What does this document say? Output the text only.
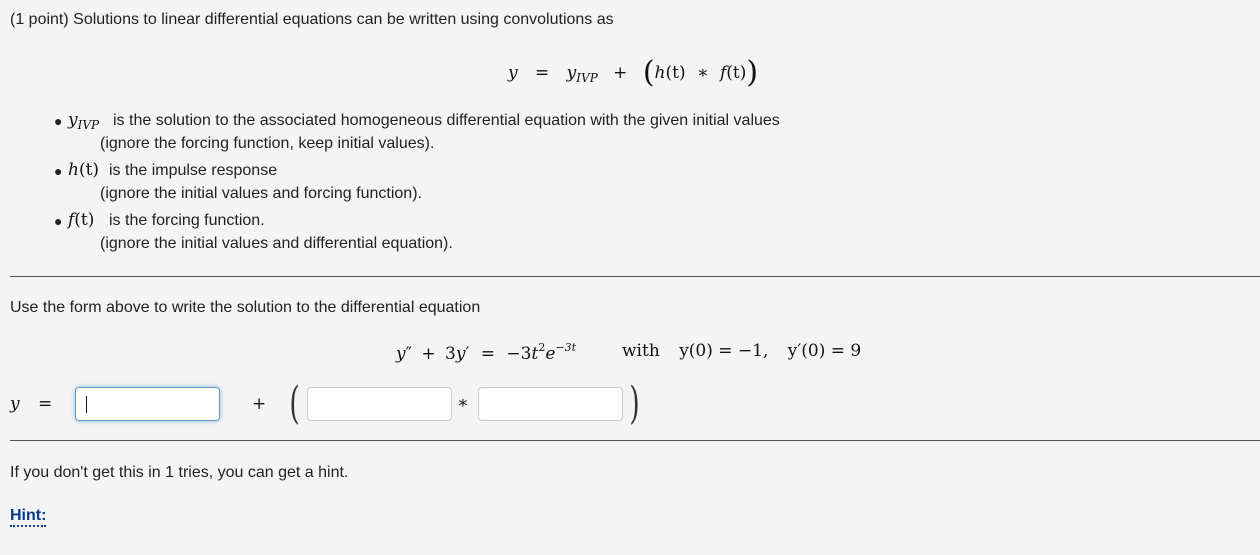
(1 point) Solutions to linear differential equations can be written using convolutions as
$y = y_{IVP} + (h(t)$ ∗ f(t))
● $y_{IVP}$ is the solution to the associated homogeneous differential equation with the given initial values
(ignore the forcing function, keep initial values).
● h(t) is the impulse response
(ignore the initial values and forcing function).
● f(t) is the forcing function.
(ignore the initial values and differential equation).
Use the form above to write the solution to the differential equation
$y'' + 3y' = -3t^2e^{-3t}$	with y(0) = −1, y′(0) = 9
y =	+ (	∗	)
If you don't get this in 1 tries, you can get a hint.
Hint:
